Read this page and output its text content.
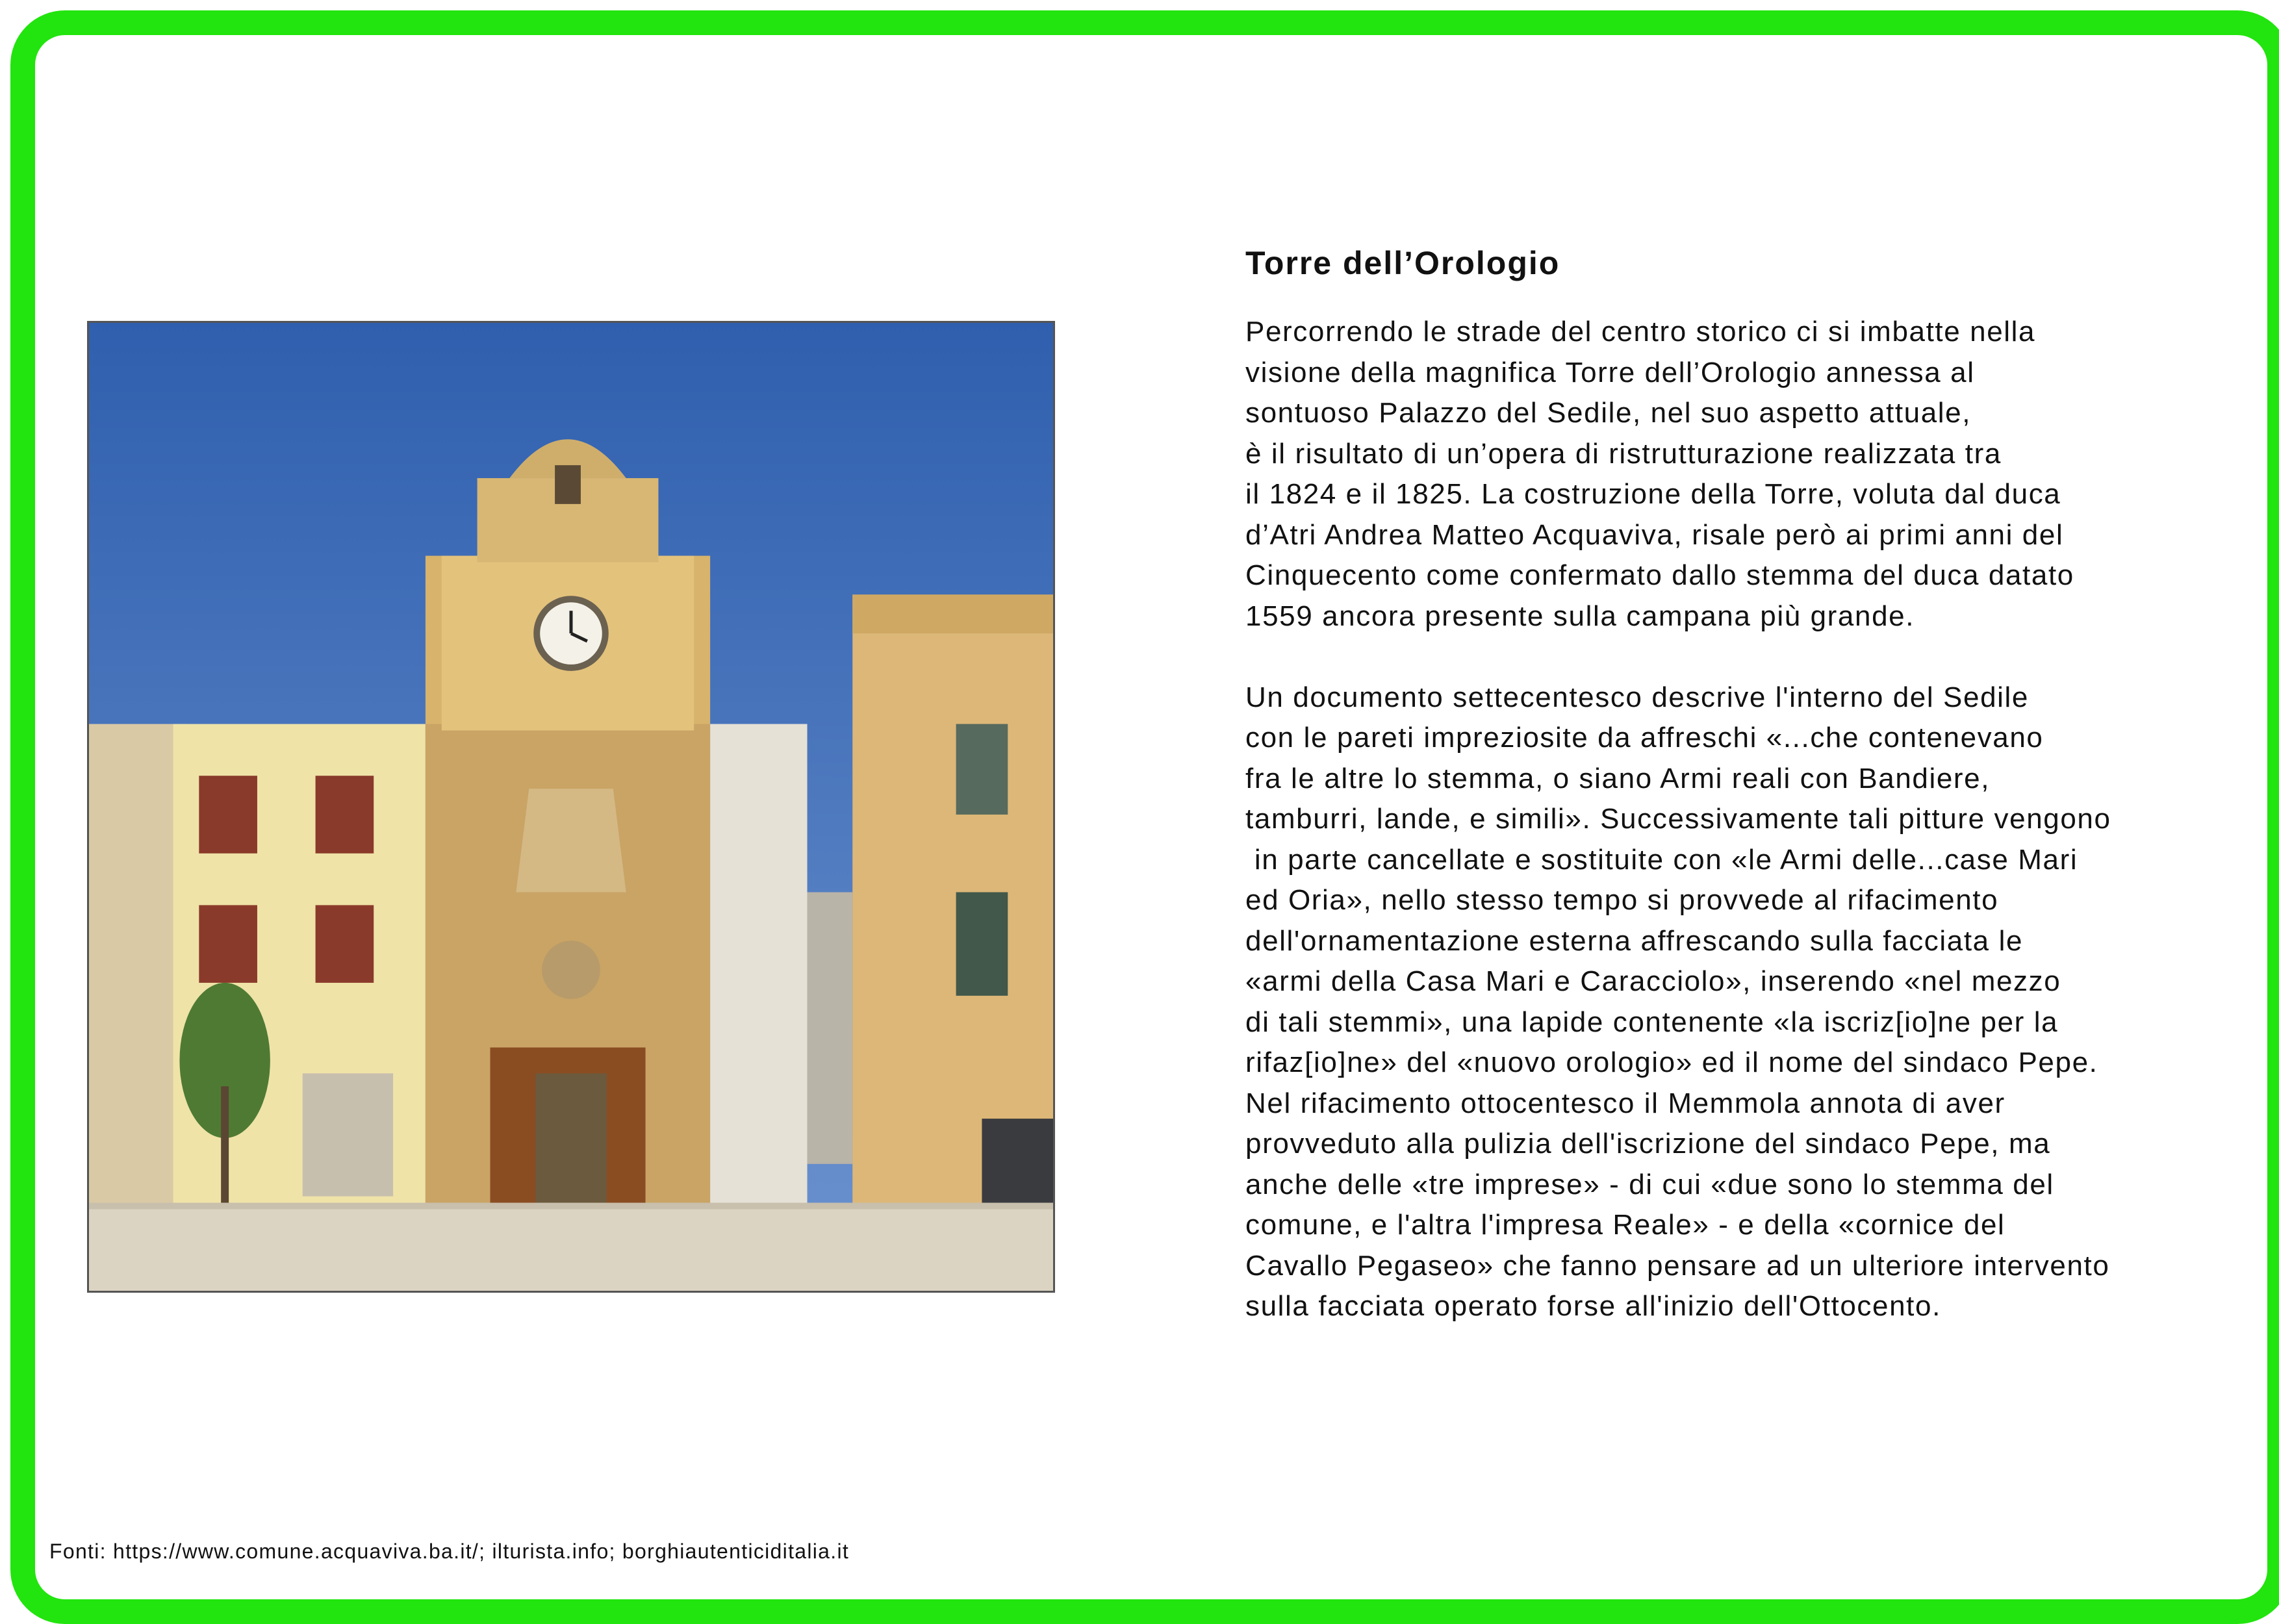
Torre dell’Orologio
Percorrendo le strade del centro storico ci si imbatte nella
visione della magnifica Torre dell’Orologio annessa al
sontuoso Palazzo del Sedile, nel suo aspetto attuale,
è il risultato di un’opera di ristrutturazione realizzata tra
il 1824 e il 1825. La costruzione della Torre, voluta dal duca
d’Atri Andrea Matteo Acquaviva, risale però ai primi anni del
Cinquecento come confermato dallo stemma del duca datato
1559 ancora presente sulla campana più grande.
Un documento settecentesco descrive l'interno del Sedile
con le pareti impreziosite da affreschi «...che contenevano
fra le altre lo stemma, o siano Armi reali con Bandiere,
tamburri, lande, e simili». Successivamente tali pitture vengono
in parte cancellate e sostituite con «le Armi delle...case Mari
ed Oria», nello stesso tempo si provvede al rifacimento
dell'ornamentazione esterna affrescando sulla facciata le
«armi della Casa Mari e Caracciolo», inserendo «nel mezzo
di tali stemmi», una lapide contenente «la iscriz[io]ne per la
rifaz[io]ne» del «nuovo orologio» ed il nome del sindaco Pepe.
Nel rifacimento ottocentesco il Memmola annota di aver
provveduto alla pulizia dell'iscrizione del sindaco Pepe, ma
anche delle «tre imprese» - di cui «due sono lo stemma del
comune, e l'altra l'impresa Reale» - e della «cornice del
Cavallo Pegaseo» che fanno pensare ad un ulteriore intervento
sulla facciata operato forse all'inizio dell'Ottocento.
Fonti: https://www.comune.acquaviva.ba.it/; ilturista.info; borghiautenticiditalia.it
